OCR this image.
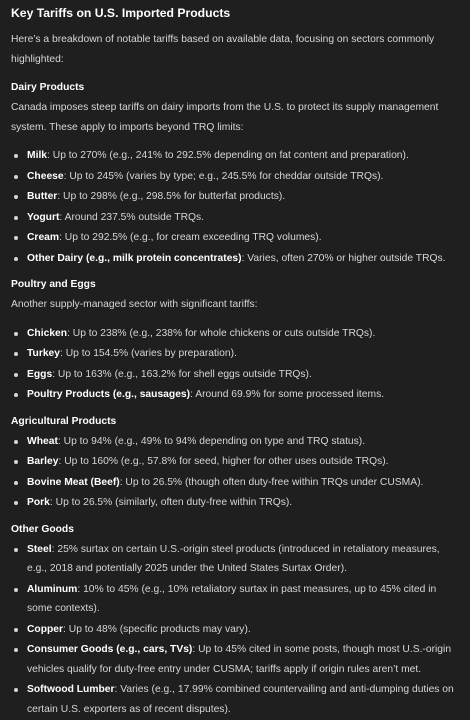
Key Tariffs on U.S. Imported Products

Here’s a breakdown of notable tariffs based on available data, focusing on sectors commonly highlighted:

Dairy Products

Canada imposes steep tariffs on dairy imports from the U.S. to protect its supply management system. These apply to imports beyond TRQ limits:

Milk: Up to 270% (e.g., 241% to 292.5% depending on fat content and preparation).
Cheese: Up to 245% (varies by type; e.g., 245.5% for cheddar outside TRQs).
Butter: Up to 298% (e.g., 298.5% for butterfat products).
Yogurt: Around 237.5% outside TRQs.
Cream: Up to 292.5% (e.g., for cream exceeding TRQ volumes).
Other Dairy (e.g., milk protein concentrates): Varies, often 270% or higher outside TRQs.
Poultry and Eggs

Another supply-managed sector with significant tariffs:

Chicken: Up to 238% (e.g., 238% for whole chickens or cuts outside TRQs).
Turkey: Up to 154.5% (varies by preparation).
Eggs: Up to 163% (e.g., 163.2% for shell eggs outside TRQs).
Poultry Products (e.g., sausages): Around 69.9% for some processed items.
Agricultural Products
Wheat: Up to 94% (e.g., 49% to 94% depending on type and TRQ status).
Barley: Up to 160% (e.g., 57.8% for seed, higher for other uses outside TRQs).
Bovine Meat (Beef): Up to 26.5% (though often duty-free within TRQs under CUSMA).
Pork: Up to 26.5% (similarly, often duty-free within TRQs).
Other Goods
Steel: 25% surtax on certain U.S.-origin steel products (introduced in retaliatory measures, e.g., 2018 and potentially 2025 under the United States Surtax Order).
Aluminum: 10% to 45% (e.g., 10% retaliatory surtax in past measures, up to 45% cited in some contexts).
Copper: Up to 48% (specific products may vary).
Consumer Goods (e.g., cars, TVs): Up to 45% cited in some posts, though most U.S.-origin vehicles qualify for duty-free entry under CUSMA; tariffs apply if origin rules aren’t met.
Softwood Lumber: Varies (e.g., 17.99% combined countervailing and anti-dumping duties on certain U.S. exporters as of recent disputes).
